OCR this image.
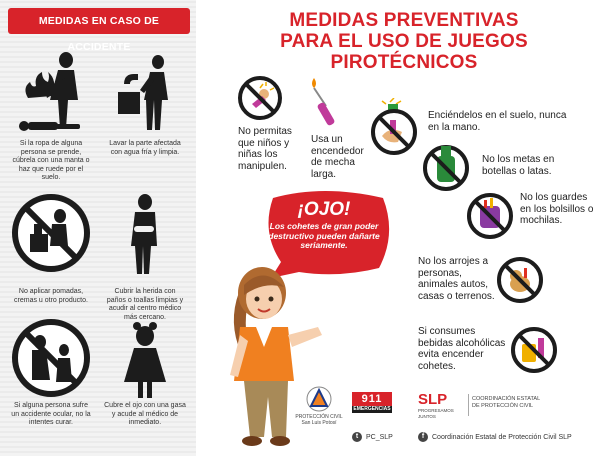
MEDIDAS EN CASO DE ACCIDENTE
Si la ropa de alguna persona se prende, cúbrela con una manta o haz que ruede por el suelo.
Lavar la parte afectada con agua fría y limpia.
No aplicar pomadas, cremas u otro producto.
Cubrir la herida con paños o toallas limpias y acudir al centro médico más cercano.
Si alguna persona sufre un accidente ocular, no la intentes curar.
Cubre el ojo con una gasa y acude al médico de inmediato.
MEDIDAS PREVENTIVAS
PARA EL USO DE JUEGOS PIROTÉCNICOS
No permitas que niños y niñas los manipulen.
Usa un encendedor de mecha larga.
Enciéndelos en el suelo, nunca en la mano.
No los metas en botellas o latas.
No los guardes en los bolsillos o mochilas.
No los arrojes a personas, animales autos, casas o terrenos.
Si consumes bebidas alcohólicas evita encender cohetes.
¡OJO!
Los cohetes de gran poder destructivo pueden dañarte seriamente.
PROTECCIÓN CIVIL
San Luis Potosí
911
EMERGENCIAS
SLP
PROGRESAMOS JUNTOS
COORDINACIÓN ESTATAL DE PROTECCIÓN CIVIL
t PC_SLP	f Coordinación Estatal de Protección Civil SLP
